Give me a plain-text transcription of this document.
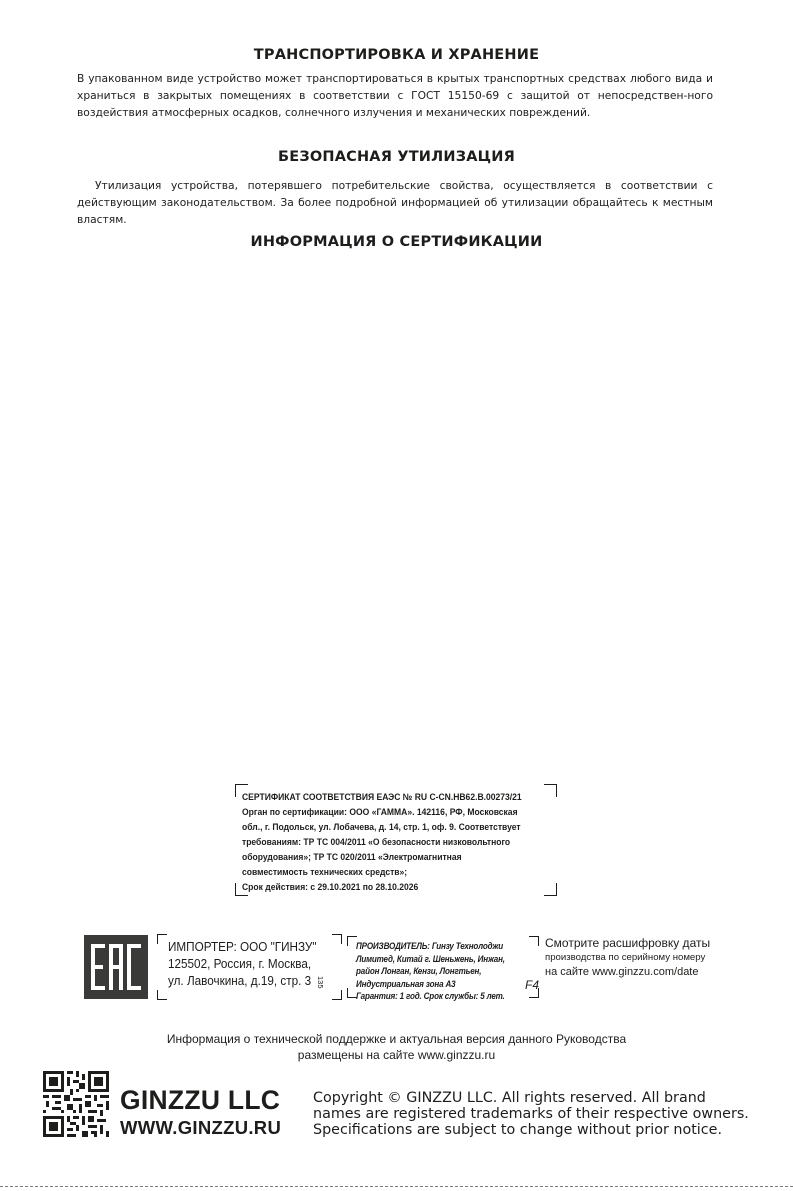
ТРАНСПОРТИРОВКА И ХРАНЕНИЕ

В упакованном виде устройство может транспортироваться в крытых транспортных средствах любого вида и храниться в закрытых помещениях в соответствии с ГОСТ 15150-69 с защитой от непосредствен-ного воздействия атмосферных осадков, солнечного излучения и механических повреждений.

БЕЗОПАСНАЯ УТИЛИЗАЦИЯ

Утилизация устройства, потерявшего потребительские свойства, осуществляется в соответствии с действующим законодательством. За более подробной информацией об утилизации обращайтесь к местным властям.

ИНФОРМАЦИЯ О СЕРТИФИКАЦИИ
СЕРТИФИКАТ СООТВЕТСТВИЯ ЕАЭС № RU C-CN.НВ62.В.00273/21
Орган по сертификации: ООО «ГАММА». 142116, РФ, Московская
обл., г. Подольск, ул. Лобачева, д. 14, стр. 1, оф. 9. Соответствует
требованиям: ТР ТС 004/2011 «О безопасности низковольтного
оборудования»; ТР ТС 020/2011 «Электромагнитная
совместимость технических средств»;
Срок действия: с 29.10.2021 по 28.10.2026
ИМПОРТЕР: ООО "ГИНЗУ"
125502, Россия, г. Москва,
ул. Лавочкина, д.19, стр. 3 135
ПРОИЗВОДИТЕЛЬ: Гинзу Технолоджи
Лимитед, Китай г. Шеньжень, Инжан,
район Лонган, Кензи, Лонгтьен,
Индустриальная зона А3
Гарантия: 1 год. Срок службы: 5 лет.
F4
Смотрите расшифровку даты
производства по серийному номеру
на сайте www.ginzzu.com/date
Информация о технической поддержке и актуальная версия данного Руководства
размещены на сайте www.ginzzu.ru
GINZZU LLC
WWW.GINZZU.RU
Copyright © GINZZU LLC. All rights reserved. All brand
names are registered trademarks of their respective owners.
Specifications are subject to change without prior notice.
